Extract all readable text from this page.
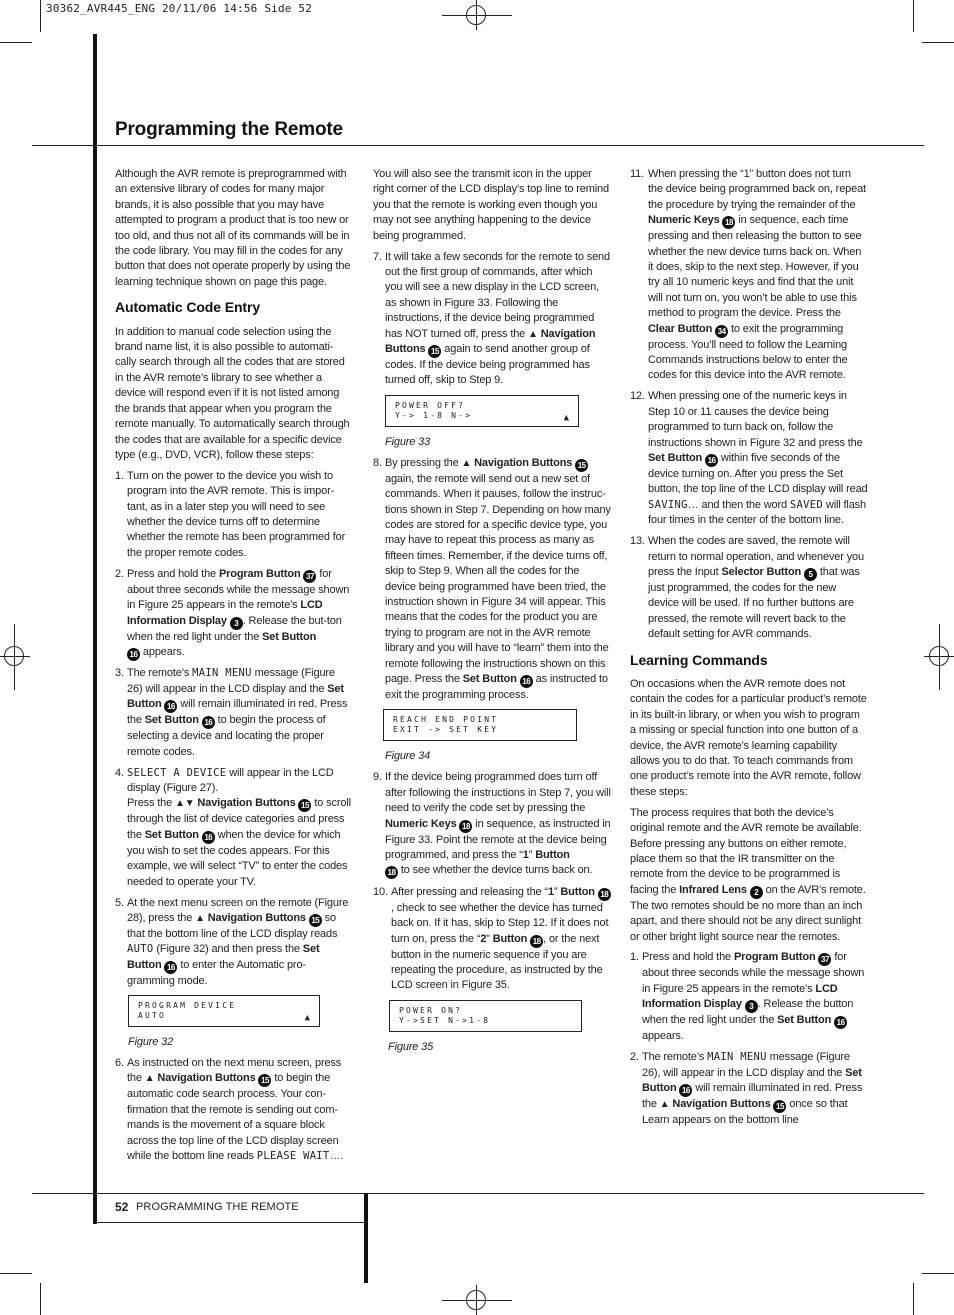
30362_AVR445_ENG 20/11/06 14:56 Side 52
Programming the Remote
52 PROGRAMMING THE REMOTE

Although the AVR remote is preprogrammed with an extensive library of codes for many major brands, it is also possible that you may have attempted to program a product that is too new or too old, and thus not all of its commands will be in the code library. You may fill in the codes for any button that does not operate properly by using the learning technique shown on page this page.

Automatic Code Entry

In addition to manual code selection using the brand name list, it is also possible to automati-cally search through all the codes that are stored in the AVR remote’s library to see whether a device will respond even if it is not listed among the brands that appear when you program the remote manually. To automatically search through the codes that are available for a specific device type (e.g., DVD, VCR), follow these steps:

1. Turn on the power to the device you wish to program into the AVR remote. This is impor-tant, as in a later step you will need to see whether the device turns off to determine whether the remote has been programmed for the proper remote codes.
2. Press and hold the Program Button 37 for about three seconds while the message shown in Figure 25 appears in the remote’s LCD Information Display 3 . Release the but-ton when the red light under the Set Button
16 appears.
3. The remote’s MAIN MENU message (Figure 26) will appear in the LCD display and the Set Button 16 will remain illuminated in red. Press the Set Button 16 to begin the process of selecting a device and locating the proper remote codes.
4. SELECT A DEVICE will appear in the LCD display (Figure 27).
Press the ▲▼ Navigation Buttons 15 to scroll through the list of device categories and press the Set Button 16 when the device for which you wish to set the codes appears. For this example, we will select “TV” to enter the codes needed to operate your TV.
5. At the next menu screen on the remote (Figure 28), press the ▲ Navigation Buttons 15 so that the bottom line of the LCD display reads AUTO (Figure 32) and then press the Set Button 16 to enter the Automatic pro-gramming mode.
PROGRAM DEVICE
AUTO	▲

Figure 32

6. As instructed on the next menu screen, press the ▲ Navigation Buttons 15 to begin the automatic code search process. Your con-firmation that the remote is sending out com-mands is the movement of a square block across the top line of the LCD display screen while the bottom line reads PLEASE WAIT….

You will also see the transmit icon in the upper right corner of the LCD display’s top line to remind you that the remote is working even though you may not see anything happening to the device being programmed.

7. It will take a few seconds for the remote to send out the first group of commands, after which you will see a new display in the LCD screen, as shown in Figure 33. Following the instructions, if the device being programmed has NOT turned off, press the ▲ Navigation Buttons 15 again to send another group of codes. If the device being programmed has turned off, skip to Step 9.
POWER OFF?
Y-> 1-8 N->	▲

Figure 33

8. By pressing the ▲ Navigation Buttons 15 again, the remote will send out a new set of commands. When it pauses, follow the instruc-tions shown in Step 7. Depending on how many codes are stored for a specific device type, you may have to repeat this process as many as fifteen times. Remember, if the device turns off, skip to Step 9. When all the codes for the device being programmed have been tried, the instruction shown in Figure 34 will appear. This means that the codes for the product you are trying to program are not in the AVR remote library and you will have to “learn” them into the remote following the instructions shown on this page. Press the Set Button 16 as instructed to exit the programming process.
REACH END POINT
EXIT -> SET KEY

Figure 34

9. If the device being programmed does turn off after following the instructions in Step 7, you will need to verify the code set by pressing the Numeric Keys 18 in sequence, as instructed in Figure 33. Point the remote at the device being programmed, and press the “1” Button
18 to see whether the device turns back on.
10. After pressing and releasing the “1” Button 18, check to see whether the device has turned back on. If it has, skip to Step 12. If it does not turn on, press the “2” Button 18 , or the next button in the numeric sequence if you are repeating the procedure, as instructed by the LCD screen in Figure 35.
POWER ON?
Y->SET N->1-8

Figure 35

11. When pressing the “1” button does not turn the device being programmed back on, repeat the procedure by trying the remainder of the Numeric Keys 18 in sequence, each time pressing and then releasing the button to see whether the new device turns back on. When it does, skip to the next step. However, if you try all 10 numeric keys and find that the unit will not turn on, you won’t be able to use this method to program the device. Press the Clear Button 34 to exit the programming process. You’ll need to follow the Learning Commands instructions below to enter the codes for this device into the AVR remote.
12. When pressing one of the numeric keys in Step 10 or 11 causes the device being programmed to turn back on, follow the instructions shown in Figure 32 and press the Set Button 16 within five seconds of the device turning on. After you press the Set button, the top line of the LCD display will read SAVING… and then the word SAVED will flash four times in the center of the bottom line.
13. When the codes are saved, the remote will return to normal operation, and whenever you press the Input Selector Button 5 that was just programmed, the codes for the new device will be used. If no further buttons are pressed, the remote will revert back to the default setting for AVR commands.
Learning Commands

On occasions when the AVR remote does not contain the codes for a particular product’s remote in its built-in library, or when you wish to program a missing or special function into one button of a device, the AVR remote’s learning capability allows you to do that. To teach commands from one product’s remote into the AVR remote, follow these steps:

The process requires that both the device’s original remote and the AVR remote be available. Before pressing any buttons on either remote, place them so that the IR transmitter on the remote from the device to be programmed is facing the Infrared Lens 2 on the AVR’s remote. The two remotes should be no more than an inch apart, and there should not be any direct sunlight or other bright light source near the remotes.

1. Press and hold the Program Button 37 for about three seconds while the message shown in Figure 25 appears in the remote’s LCD Information Display 3 . Release the button when the red light under the Set Button 16 appears.
2. The remote’s MAIN MENU message (Figure 26), will appear in the LCD display and the Set Button 16 will remain illuminated in red. Press the ▲ Navigation Buttons 15 once so that Learn appears on the bottom line
